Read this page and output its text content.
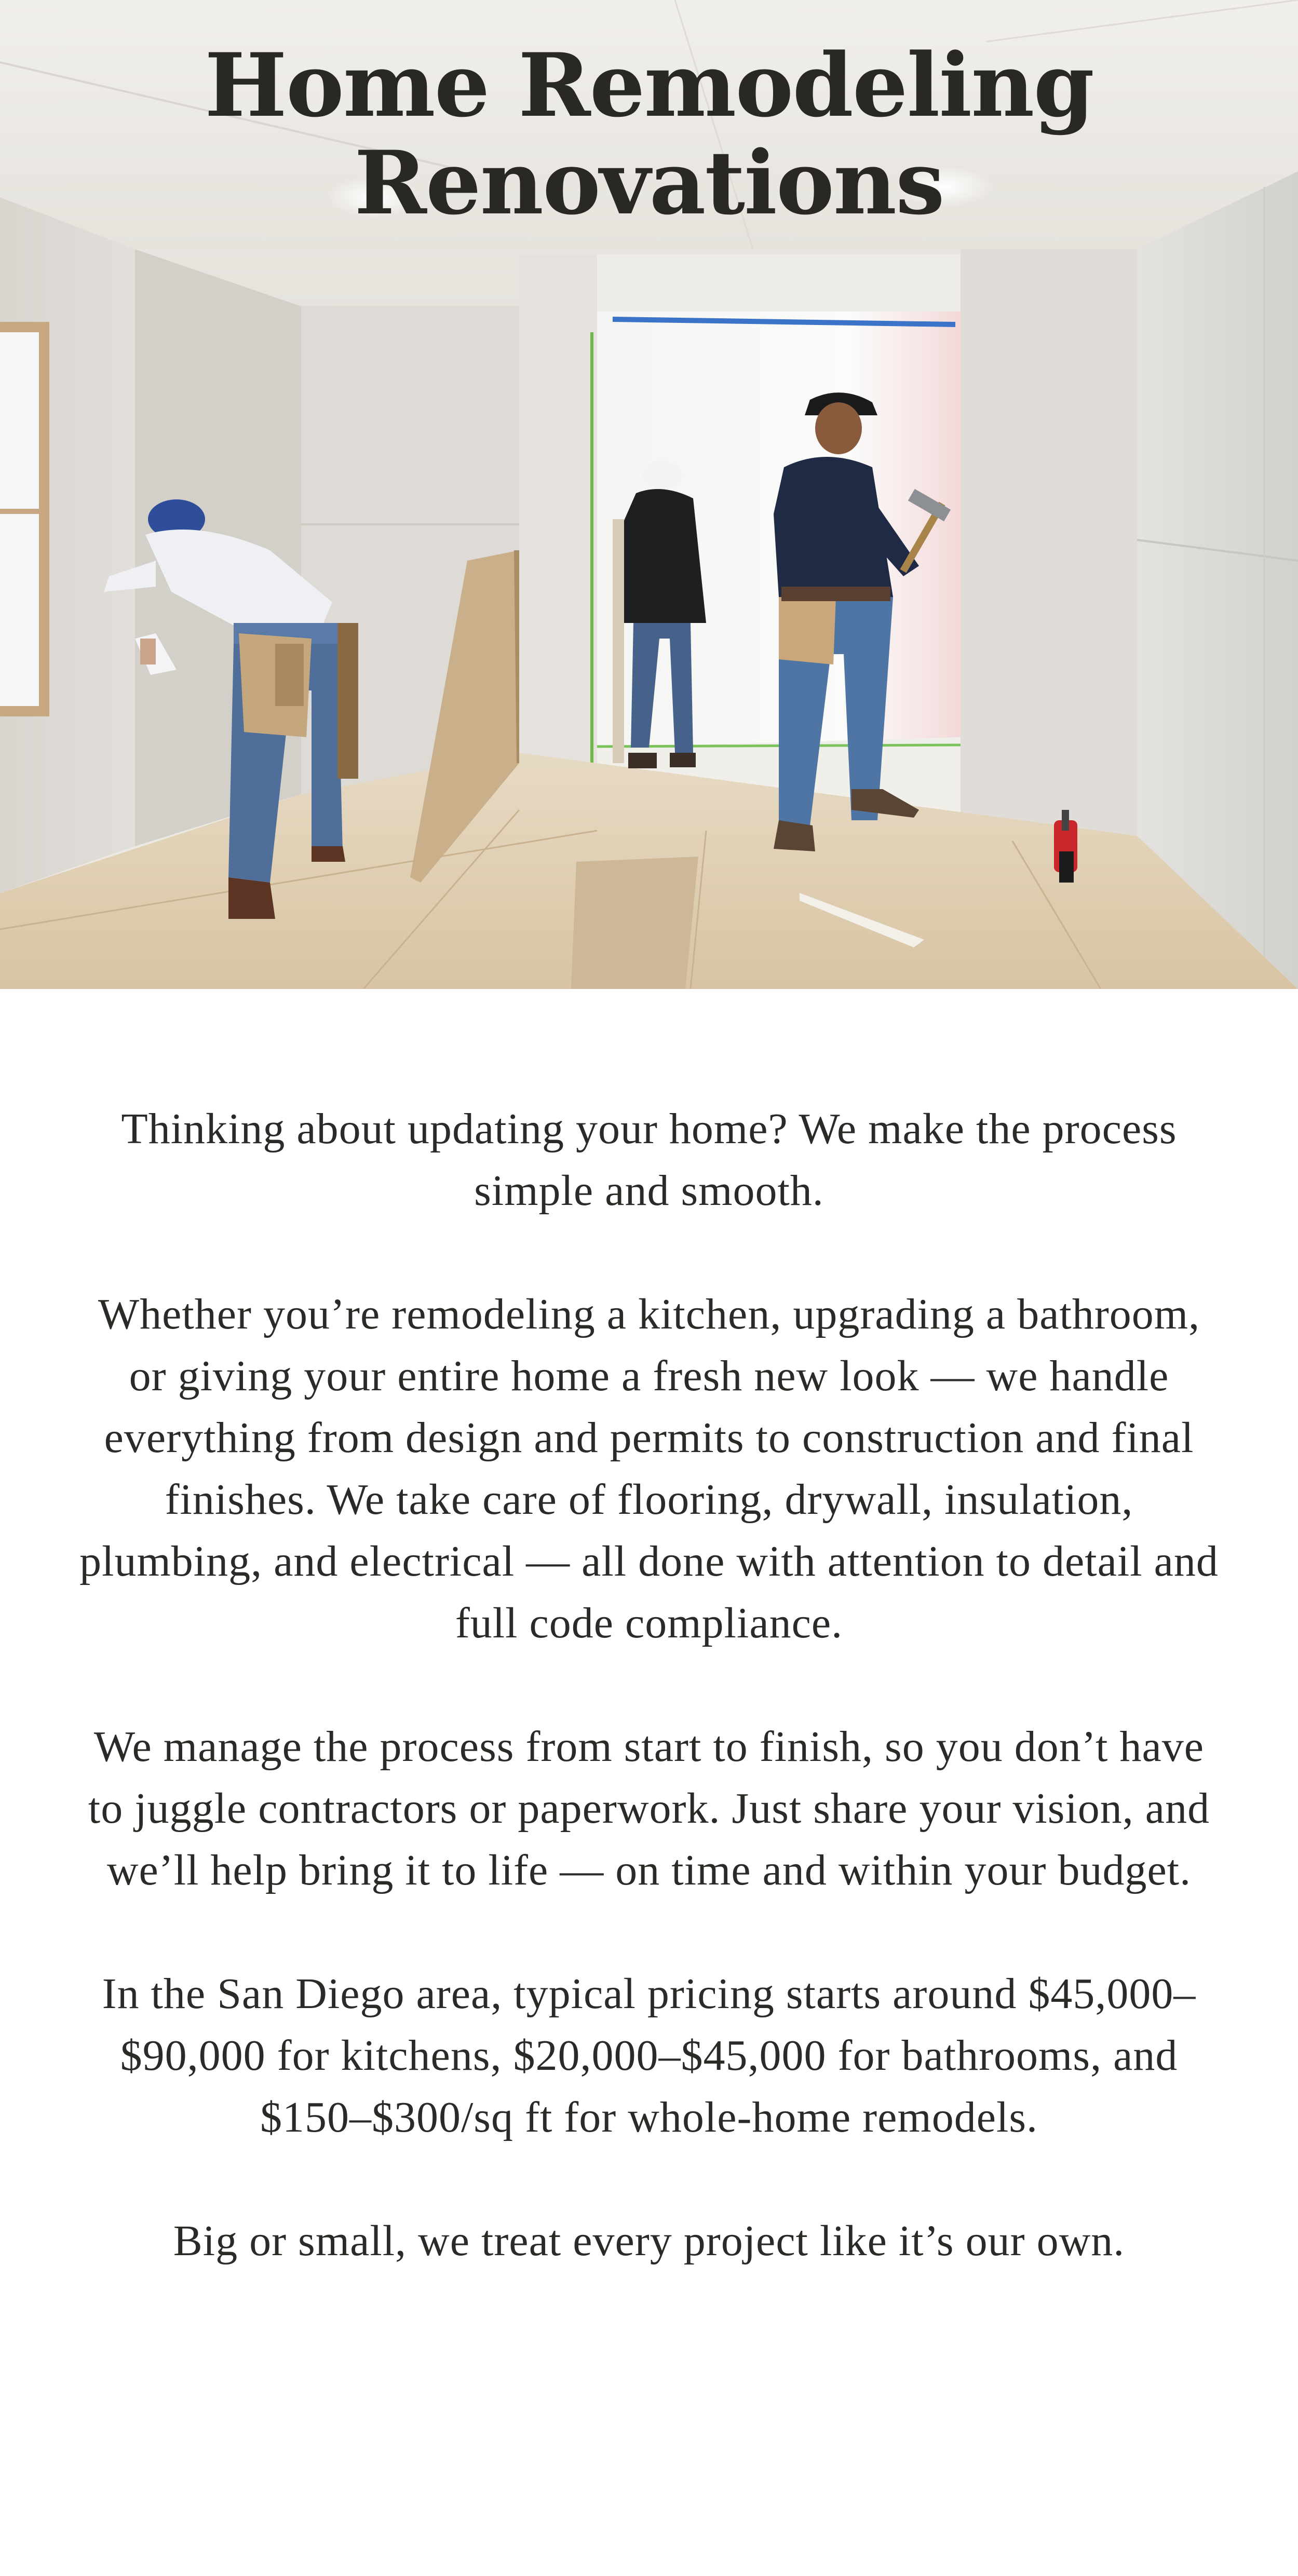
Home Remodeling
Renovations

Thinking about updating your home? We make the process simple and smooth.

Whether you’re remodeling a kitchen, upgrading a bathroom, or giving your entire home a fresh new look — we handle everything from design and permits to construction and final finishes. We take care of flooring, drywall, insulation, plumbing, and electrical — all done with attention to detail and full code compliance.

We manage the process from start to finish, so you don’t have to juggle contractors or paperwork. Just share your vision, and we’ll help bring it to life — on time and within your budget.

In the San Diego area, typical pricing starts around $45,000–$90,000 for kitchens, $20,000–$45,000 for bathrooms, and $150–$300/sq ft for whole-home remodels.

Big or small, we treat every project like it’s our own.
